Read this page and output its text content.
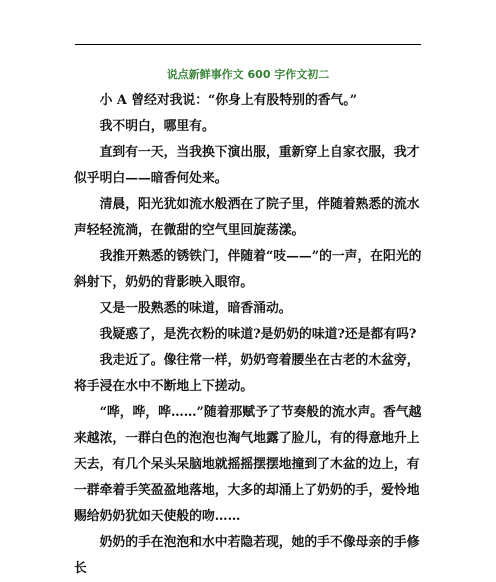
说点新鲜事作文 600 字作文初二

小 A 曾经对我说：“你身上有股特别的香气。”

我不明白，哪里有。

直到有一天，当我换下演出服，重新穿上自家衣服，我才似乎明白——暗香何处来。

清晨，阳光犹如流水般洒在了院子里，伴随着熟悉的流水声轻轻流淌，在微甜的空气里回旋荡漾。

我推开熟悉的锈铁门，伴随着“吱——”的一声，在阳光的斜射下，奶奶的背影映入眼帘。

又是一股熟悉的味道，暗香涌动。

我疑惑了，是洗衣粉的味道?是奶奶的味道?还是都有吗?

我走近了。像往常一样，奶奶弯着腰坐在古老的木盆旁，将手浸在水中不断地上下搓动。

“哗，哗，哗……”随着那赋予了节奏般的流水声。香气越来越浓，一群白色的泡泡也淘气地露了脸儿，有的得意地升上天去，有几个呆头呆脑地就摇摇摆摆地撞到了木盆的边上，有一群牵着手笑盈盈地落地，大多的却涌上了奶奶的手，爱怜地赐给奶奶犹如天使般的吻……

奶奶的手在泡泡和水中若隐若现，她的手不像母亲的手修长
